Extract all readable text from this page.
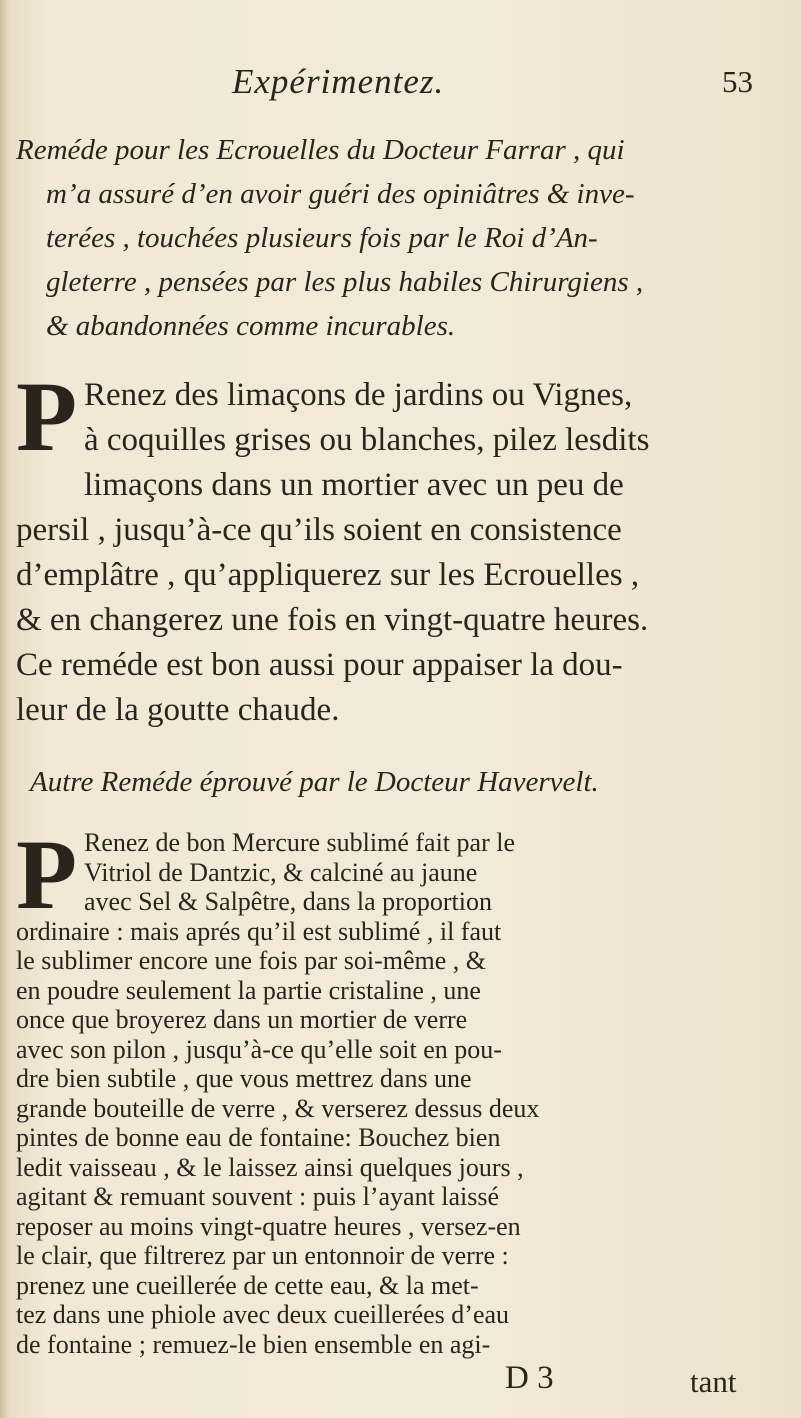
Expérimentez.	53
Reméde pour les Ecrouelles du Docteur Farrar , qui
m’a assuré d’en avoir guéri des opiniâtres & inve-
terées , touchées plusieurs fois par le Roi d’An-
gleterre , pensées par les plus habiles Chirurgiens ,
& abandonnées comme incurables.
P Renez des limaçons de jardins ou Vignes,
à coquilles grises ou blanches, pilez lesdits
limaçons dans un mortier avec un peu de
persil , jusqu’à-ce qu’ils soient en consistence
d’emplâtre , qu’appliquerez sur les Ecrouelles ,
& en changerez une fois en vingt-quatre heures.
Ce reméde est bon aussi pour appaiser la dou-
leur de la goutte chaude.
Autre Reméde éprouvé par le Docteur Havervelt.
P Renez de bon Mercure sublimé fait par le
Vitriol de Dantzic, & calciné au jaune
avec Sel & Salpêtre, dans la proportion
ordinaire : mais aprés qu’il est sublimé , il faut
le sublimer encore une fois par soi-même , &
en poudre seulement la partie cristaline , une
once que broyerez dans un mortier de verre
avec son pilon , jusqu’à-ce qu’elle soit en pou-
dre bien subtile , que vous mettrez dans une
grande bouteille de verre , & verserez dessus deux
pintes de bonne eau de fontaine: Bouchez bien
ledit vaisseau , & le laissez ainsi quelques jours ,
agitant & remuant souvent : puis l’ayant laissé
reposer au moins vingt-quatre heures , versez-en
le clair, que filtrerez par un entonnoir de verre :
prenez une cueillerée de cette eau, & la met-
tez dans une phiole avec deux cueillerées d’eau
de fontaine ; remuez-le bien ensemble en agi-
D 3	tant
